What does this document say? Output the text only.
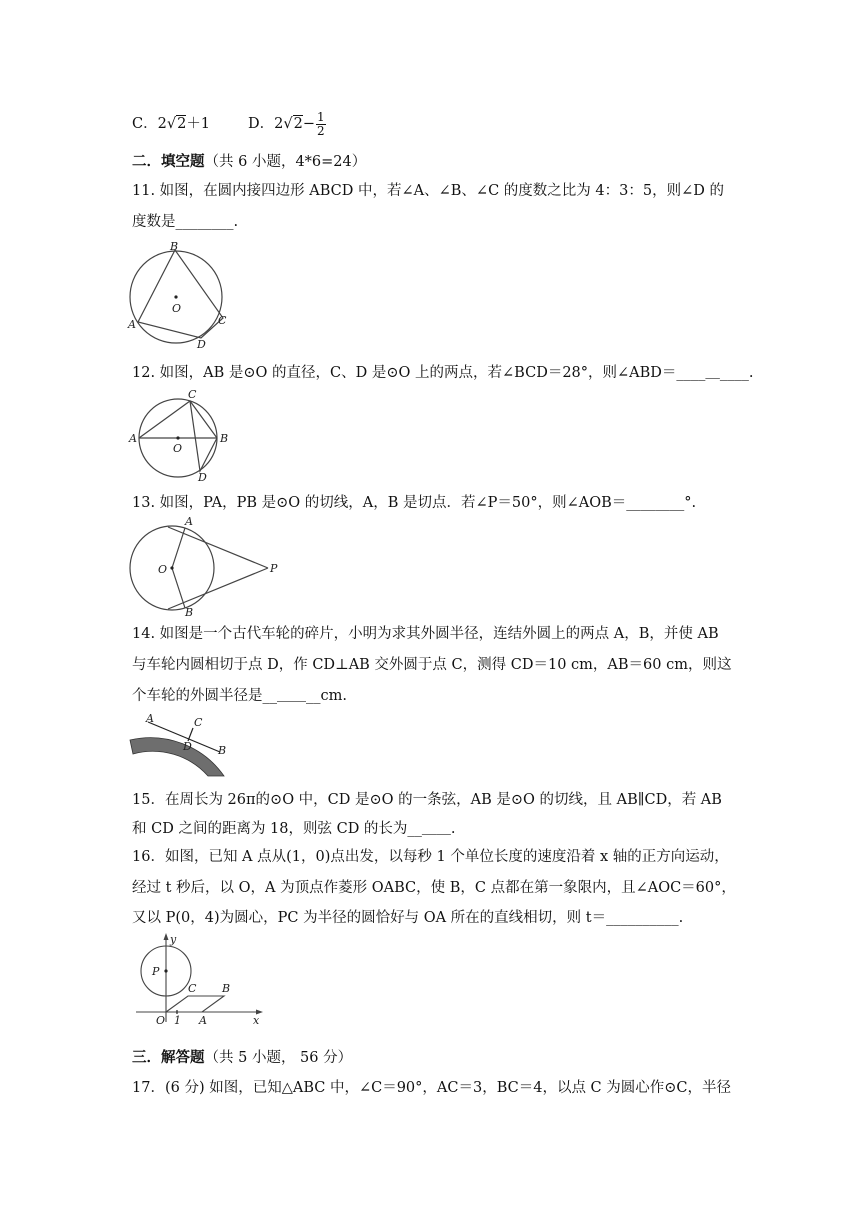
C．2√2＋1	D．$2√2- \frac{1}{2}$
二．填空题（共 6 小题，4*6=24）
11. 如图，在圆内接四边形 ABCD 中，若∠A、∠B、∠C 的度数之比为 4：3：5，则∠D 的
度数是________.
B
O
A	C
D
12. 如图，AB 是⊙O 的直径，C、D 是⊙O 上的两点，若∠BCD＝28°，则∠ABD＝____＿____.
C
A
O
B
D
13. 如图，PA，PB 是⊙O 的切线，A，B 是切点．若∠P＝50°，则∠AOB＝________°.
A
O	P
B
14. 如图是一个古代车轮的碎片，小明为求其外圆半径，连结外圆上的两点 A，B，并使 AB
与车轮内圆相切于点 D，作 CD⊥AB 交外圆于点 C，测得 CD＝10 cm，AB＝60 cm，则这
个车轮的外圆半径是__＿＿__cm.
A	C
D B
15．在周长为 26π的⊙O 中，CD 是⊙O 的一条弦，AB 是⊙O 的切线，且 AB∥CD，若 AB
和 CD 之间的距离为 18，则弦 CD 的长为__＿＿.
16．如图，已知 A 点从(1，0)点出发，以每秒 1 个单位长度的速度沿着 x 轴的正方向运动，
经过 t 秒后，以 O，A 为顶点作菱形 OABC，使 B，C 点都在第一象限内，且∠AOC＝60°，
又以 P(0，4)为圆心，PC 为半径的圆恰好与 OA 所在的直线相切，则 t＝__________.
y
P
C B
O 1 A	x
三．解答题（共 5 小题， 56 分）
17．(6 分) 如图，已知△ABC 中，∠C＝90°，AC＝3，BC＝4，以点 C 为圆心作⊙C，半径
